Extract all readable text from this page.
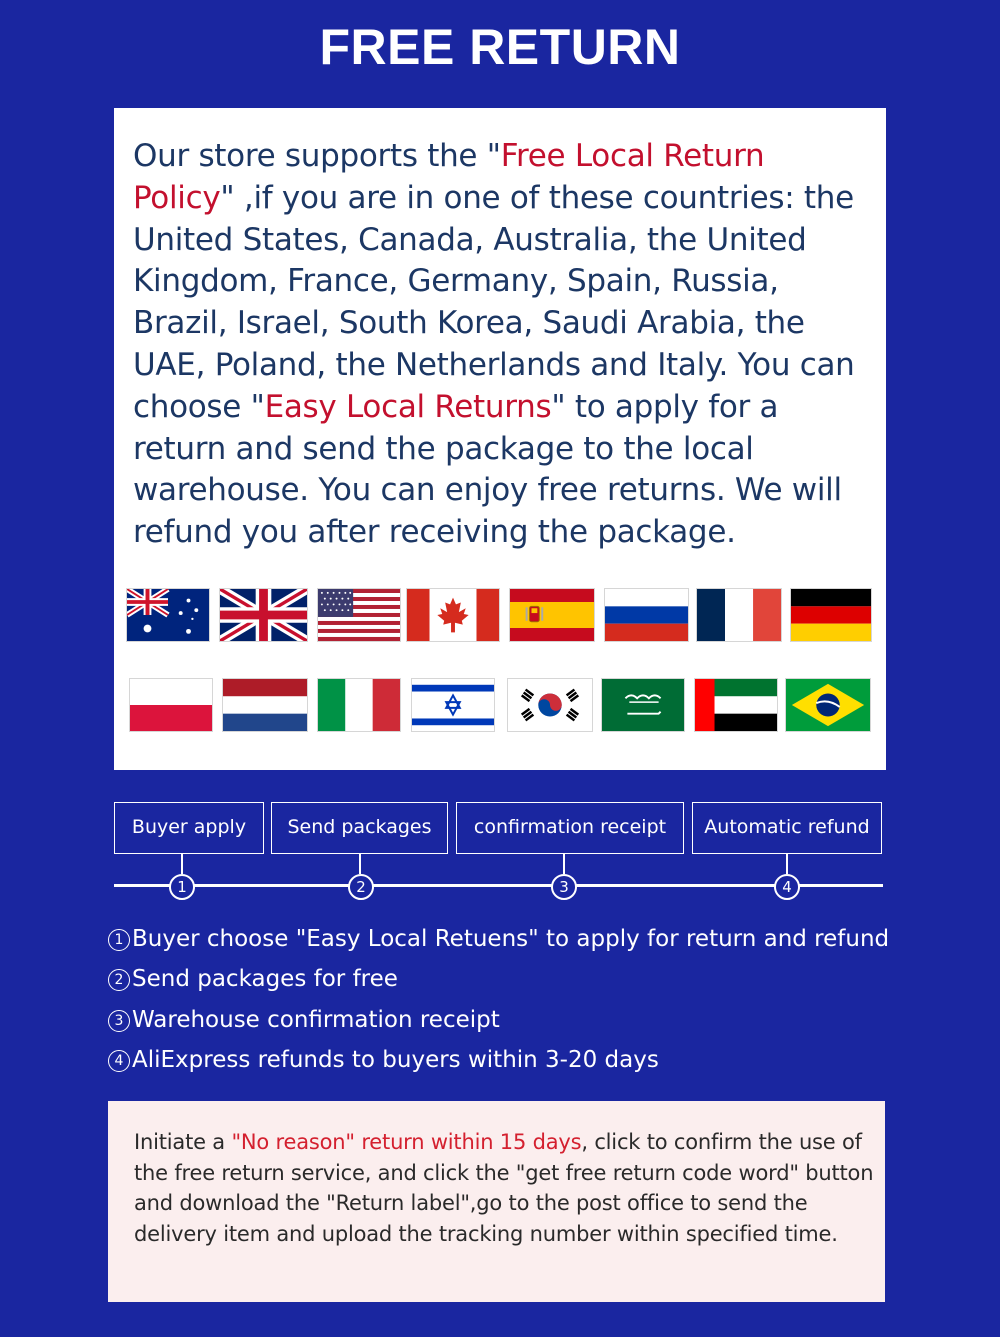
FREE RETURN

Our store supports the "Free Local Return Policy" ,if you are in one of these countries: the United States, Canada, Australia, the United Kingdom, France, Germany, Spain, Russia, Brazil, Israel, South Korea, Saudi Arabia, the UAE, Poland, the Netherlands and Italy. You can choose "Easy Local Returns" to apply for a return and send the package to the local warehouse. You can enjoy free returns. We will refund you after receiving the package.

Buyer apply	Send packages	confirmation receipt	Automatic refund
1	2	3	4
1 Buyer choose "Easy Local Retuens" to apply for return and refund
2 Send packages for free
3 Warehouse confirmation receipt
4 AliExpress refunds to buyers within 3-20 days

Initiate a "No reason" return within 15 days, click to confirm the use of the free return service, and click the "get free return code word" button and download the "Return label",go to the post office to send the delivery item and upload the tracking number within specified time.
